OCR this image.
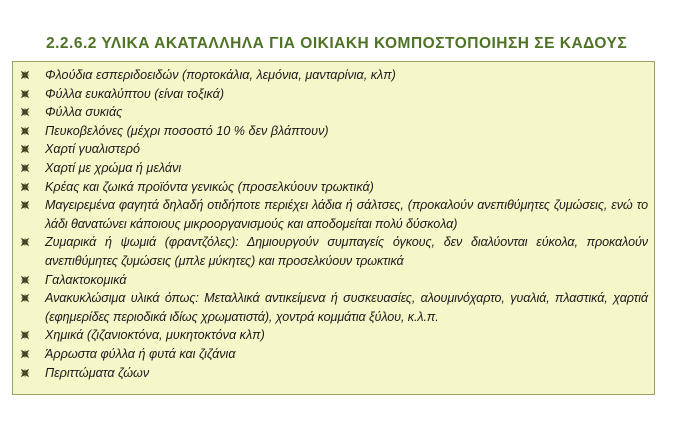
2.2.6.2 ΥΛΙΚΑ ΑΚΑΤΑΛΛΗΛΑ ΓΙΑ ΟΙΚΙΑΚΗ ΚΟΜΠΟΣΤΟΠΟΙΗΣΗ ΣΕ ΚΑΔΟΥΣ
Φλούδια εσπεριδοειδών (πορτοκάλια, λεμόνια, μανταρίνια, κλπ)
Φύλλα ευκαλύπτου (είναι τοξικά)
Φύλλα συκιάς
Πευκοβελόνες (μέχρι ποσοστό 10 % δεν βλάπτουν)
Χαρτί γυαλιστερό
Χαρτί με χρώμα ή μελάνι
Κρέας και ζωικά προϊόντα γενικώς (προσελκύουν τρωκτικά)
Μαγειρεμένα φαγητά δηλαδή οτιδήποτε περιέχει λάδια ή σάλτσες, (προκαλούν ανεπιθύμητες ζυμώσεις, ενώ το λάδι θανατώνει κάποιους μικροοργανισμούς και αποδομείται πολύ δύσκολα)
Ζυμαρικά ή ψωμιά (φραντζόλες): Δημιουργούν συμπαγείς όγκους, δεν διαλύονται εύκολα, προκαλούν ανεπιθύμητες ζυμώσεις (μπλε μύκητες) και προσελκύουν τρωκτικά
Γαλακτοκομικά
Ανακυκλώσιμα υλικά όπως: Μεταλλικά αντικείμενα ή συσκευασίες, αλουμινόχαρτο, γυαλιά, πλαστικά, χαρτιά (εφημερίδες περιοδικά ιδίως χρωματιστά), χοντρά κομμάτια ξύλου, κ.λ.π.
Χημικά (ζιζανιοκτόνα, μυκητοκτόνα κλπ)
Άρρωστα φύλλα ή φυτά και ζιζάνια
Περιττώματα ζώων
